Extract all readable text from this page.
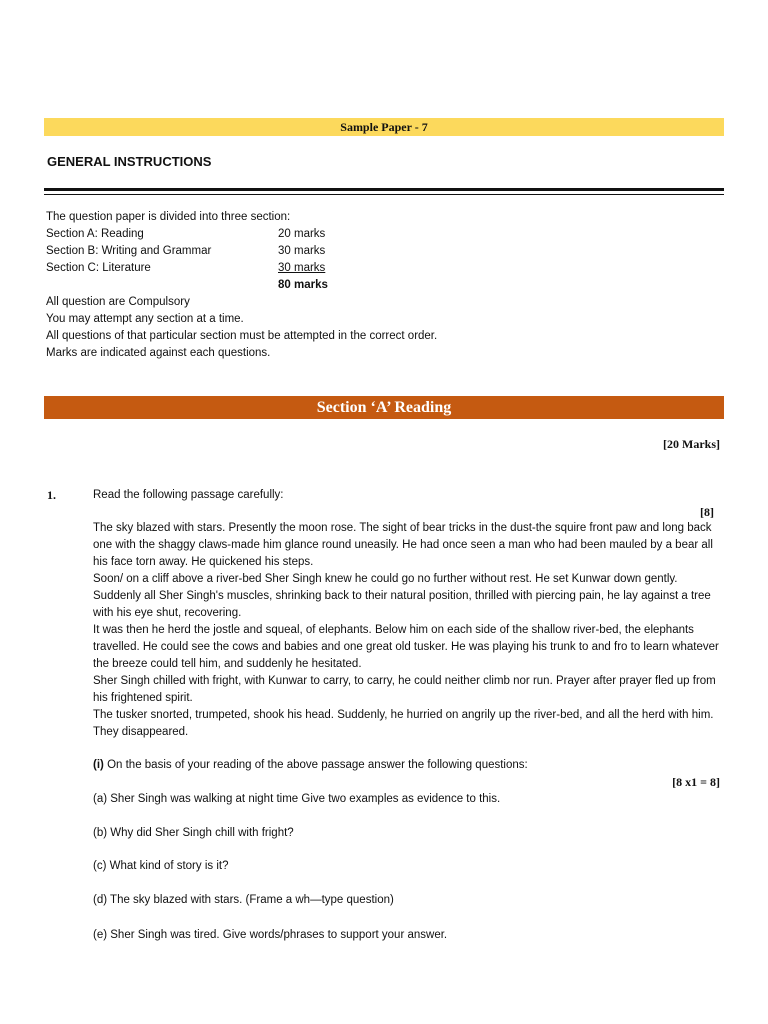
Sample Paper - 7
GENERAL INSTRUCTIONS
The question paper is divided into three section:
Section A: Reading	20 marks
Section B: Writing and Grammar	30 marks
Section C: Literature	30 marks
80 marks
All question are Compulsory
You may attempt any section at a time.
All questions of that particular section must be attempted in the correct order.
Marks are indicated against each questions.
Section ‘A’ Reading
[20 Marks]
1.	Read the following passage carefully:
[8]

The sky blazed with stars. Presently the moon rose. The sight of bear tricks in the dust-the squire front paw and long back one with the shaggy claws-made him glance round uneasily. He had once seen a man who had been mauled by a bear all his face torn away. He quickened his steps.

Soon/ on a cliff above a river-bed Sher Singh knew he could go no further without rest. He set Kunwar down gently. Suddenly all Sher Singh's muscles, shrinking back to their natural position, thrilled with piercing pain, he lay against a tree with his eye shut, recovering.

It was then he herd the jostle and squeal, of elephants. Below him on each side of the shallow river-bed, the elephants travelled. He could see the cows and babies and one great old tusker. He was playing his trunk to and fro to learn whatever the breeze could tell him, and suddenly he hesitated.

Sher Singh chilled with fright, with Kunwar to carry, to carry, he could neither climb nor run. Prayer after prayer fled up from his frightened spirit.

The tusker snorted, trumpeted, shook his head. Suddenly, he hurried on angrily up the river-bed, and all the herd with him. They disappeared.

(i) On the basis of your reading of the above passage answer the following questions:
[8 x1 = 8]
(a) Sher Singh was walking at night time Give two examples as evidence to this.
(b) Why did Sher Singh chill with fright?
(c) What kind of story is it?
(d) The sky blazed with stars. (Frame a wh—type question)
(e) Sher Singh was tired. Give words/phrases to support your answer.
